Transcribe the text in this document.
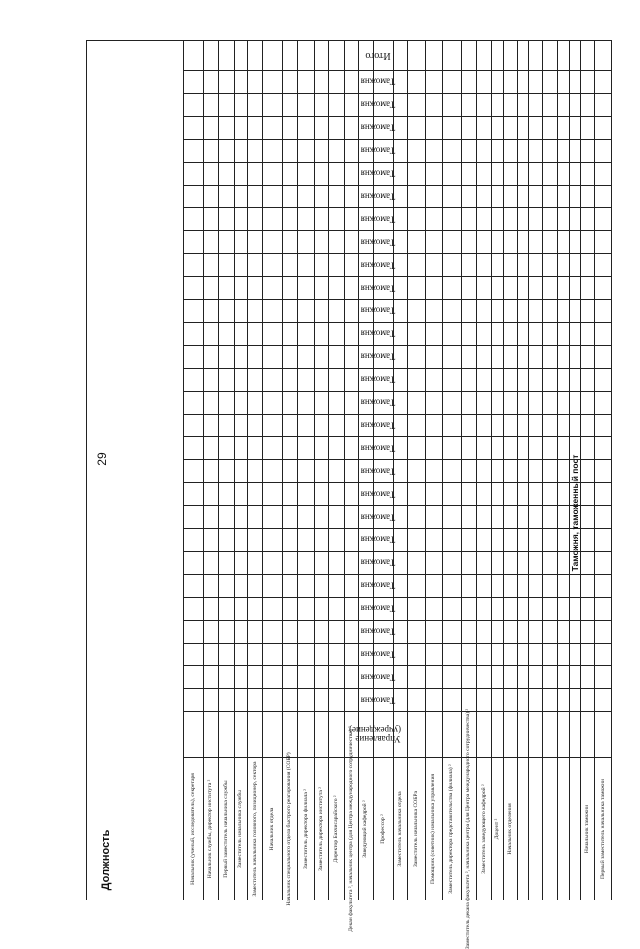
29
Итого
Таможня
Таможня
Таможня
Таможня
Таможня
Таможня
Таможня
Таможня
Таможня
Таможня
Таможня
Таможня
Таможня
Таможня
Таможня
Таможня
Таможня
Таможня
Таможня
Таможня
Таможня
Таможня
Таможня
Таможня
Таможня
Таможня
Таможня
Таможня
Управление (учреждение)
Начальник (ученый, исследователь), секретаря Начальник службы, директор института ² Первый заместитель начальника службы Заместитель начальника службы Заместитель начальника головного, позиционер, сектора Начальник отдела Начальник специального отдела быстрого реагирования (СОБР) Заместитель директора филиала ² Заместитель директора института ² Директор Бахчисарайского ² Декан факультета ², начальник центра (для Центра международного сотрудничества) ² Заведующий кафедрой ² Профессор ² Заместитель начальника отдела Заместитель начальника СОБРа Помощник (советник) начальника управления Заместитель директора представительства (филиала) ² Заместитель декана факультета ², начальника центра (для Центра международного сотрудничества) ² Заместитель заведующего кафедрой ² Доцент ² Начальник отделения
Таможня, таможенный пост
Начальник таможни Первый заместитель начальника таможни
Должность
